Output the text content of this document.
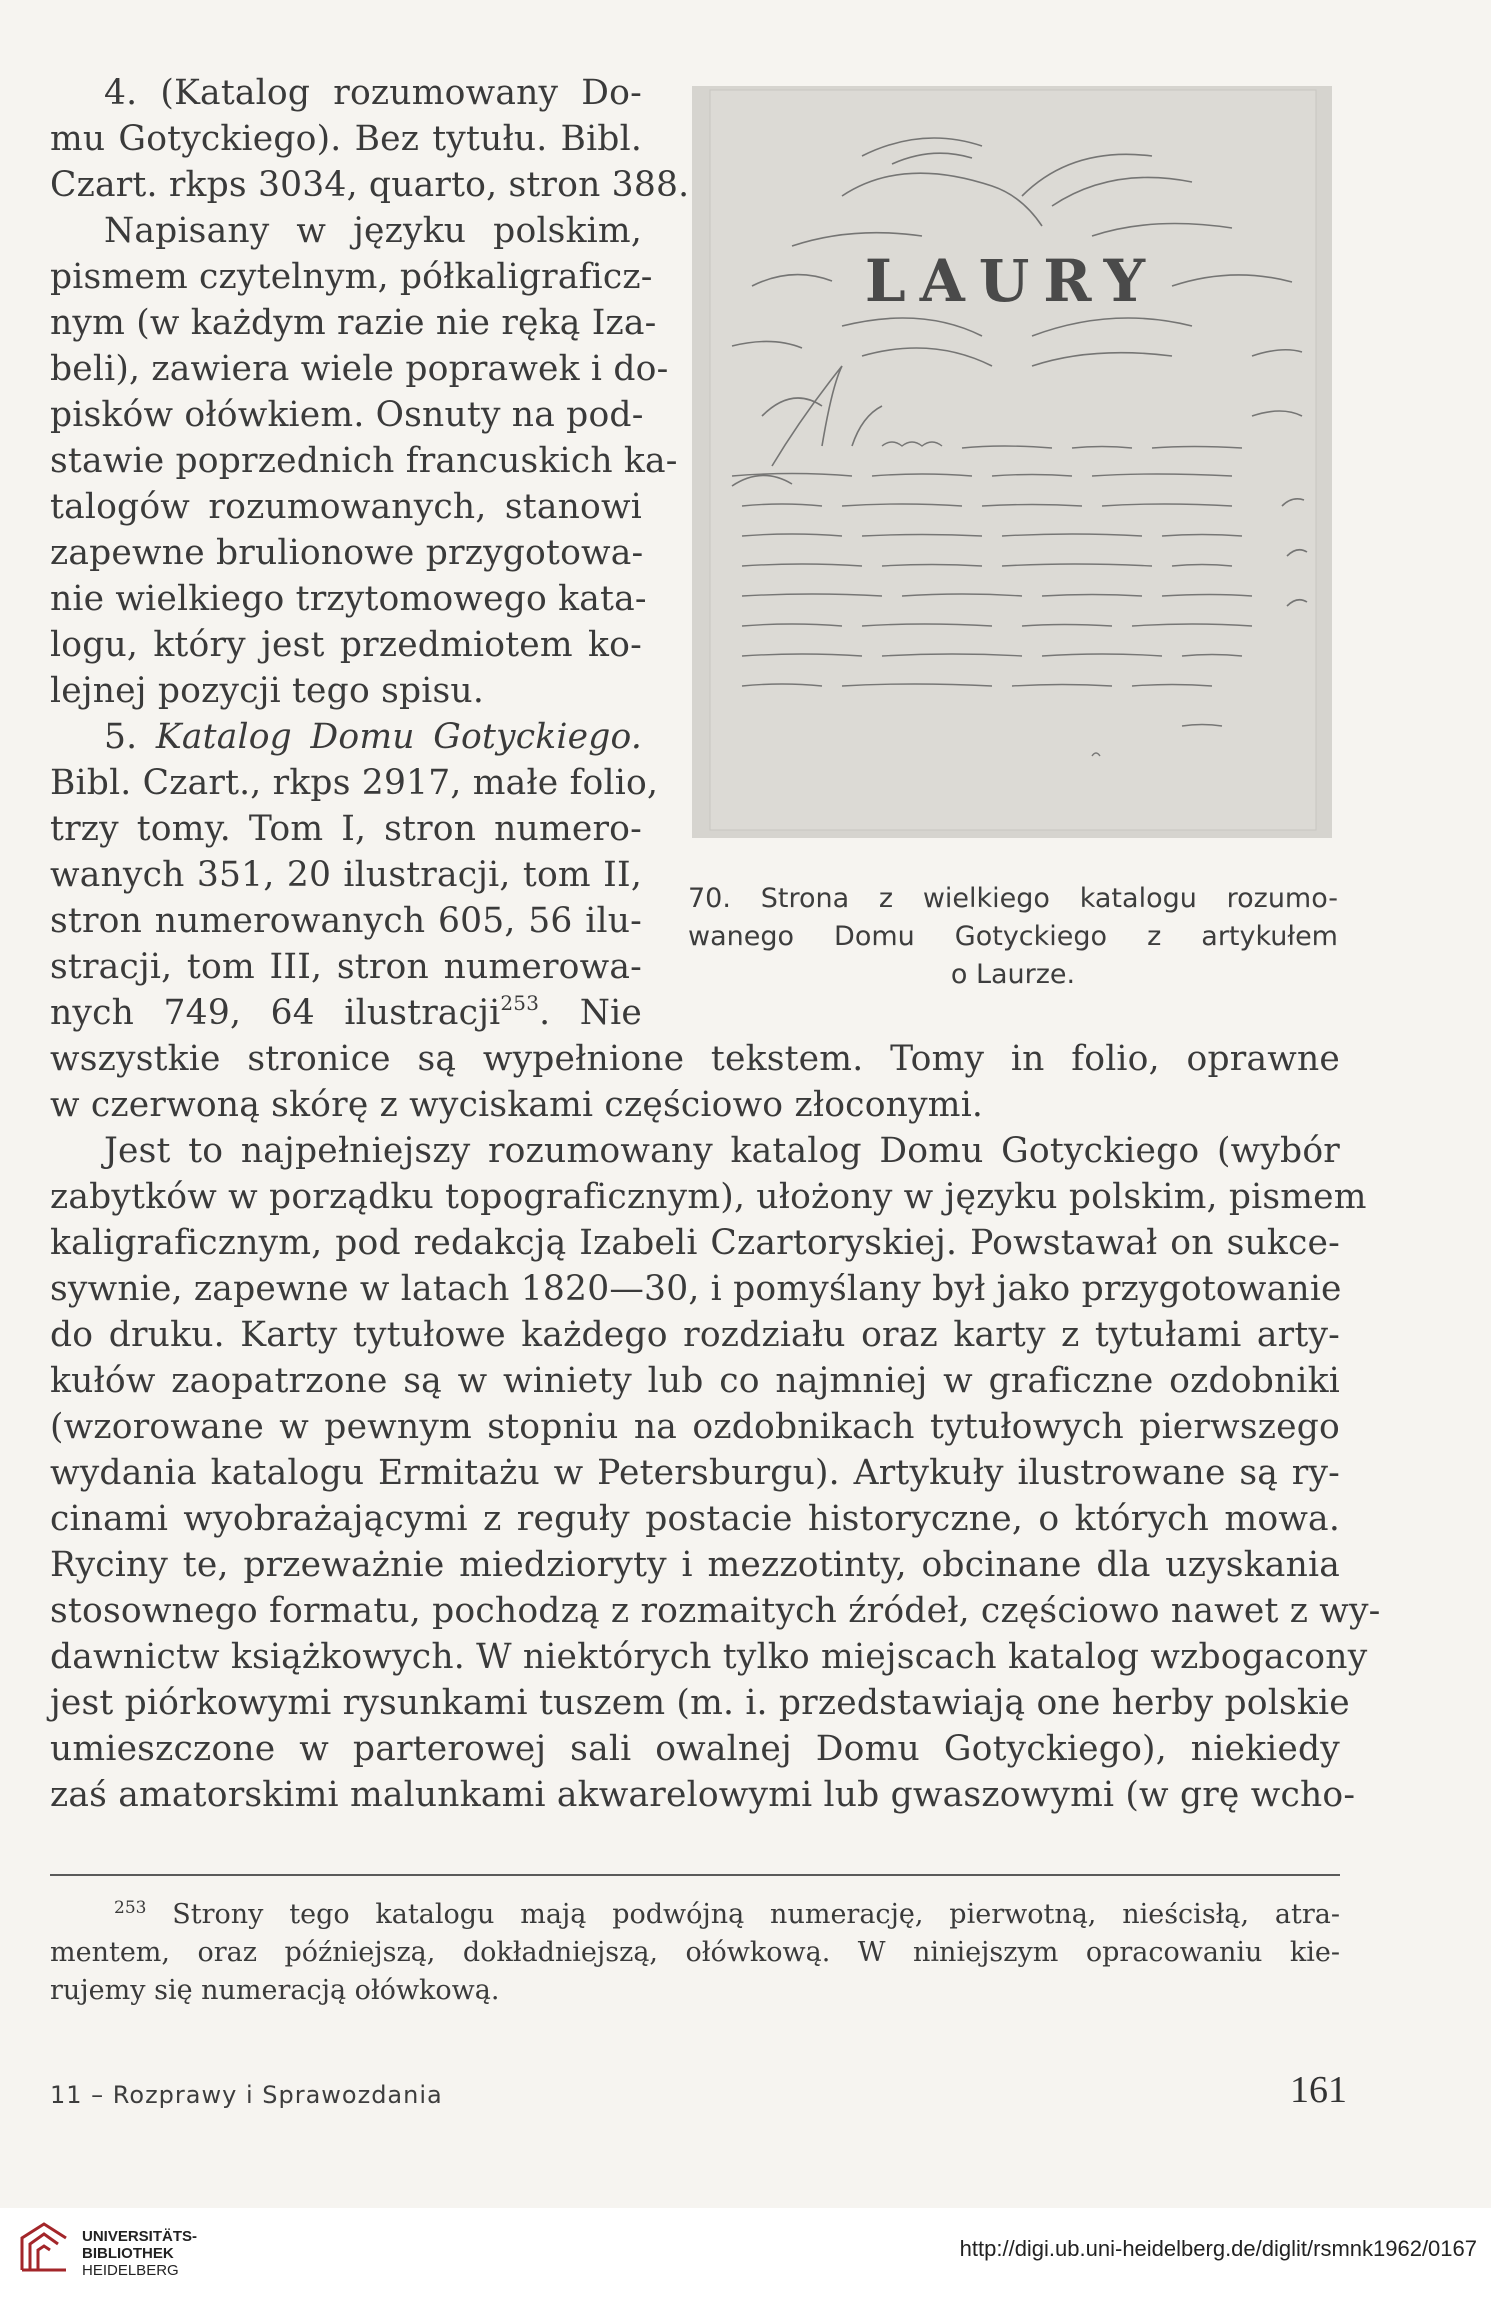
4. (Katalog rozumowany Do-
mu Gotyckiego). Bez tytułu. Bibl.
Czart. rkps 3034, quarto, stron 388.
Napisany w języku polskim,
pismem czytelnym, półkaligraficz-
nym (w każdym razie nie ręką Iza-
beli), zawiera wiele poprawek i do-
pisków ołówkiem. Osnuty na pod-
stawie poprzednich francuskich ka-
talogów rozumowanych, stanowi
zapewne brulionowe przygotowa-
nie wielkiego trzytomowego kata-
logu, który jest przedmiotem ko-
lejnej pozycji tego spisu.
LAURY
70. Strona z wielkiego katalogu rozumo-
wanego Domu Gotyckiego z artykułem
o Laurze.
5. Katalog Domu Gotyckiego.
Bibl. Czart., rkps 2917, małe folio,
trzy tomy. Tom I, stron numero-
wanych 351, 20 ilustracji, tom II,
stron numerowanych 605, 56 ilu-
stracji, tom III, stron numerowa-
nych 749, 64 ilustracji$^{253}$. Nie
wszystkie stronice są wypełnione tekstem. Tomy in folio, oprawne
w czerwoną skórę z wyciskami częściowo złoconymi.
Jest to najpełniejszy rozumowany katalog Domu Gotyckiego (wybór
zabytków w porządku topograficznym), ułożony w języku polskim, pismem
kaligraficznym, pod redakcją Izabeli Czartoryskiej. Powstawał on sukce-
sywnie, zapewne w latach 1820—30, i pomyślany był jako przygotowanie
do druku. Karty tytułowe każdego rozdziału oraz karty z tytułami arty-
kułów zaopatrzone są w winiety lub co najmniej w graficzne ozdobniki
(wzorowane w pewnym stopniu na ozdobnikach tytułowych pierwszego
wydania katalogu Ermitażu w Petersburgu). Artykuły ilustrowane są ry-
cinami wyobrażającymi z reguły postacie historyczne, o których mowa.
Ryciny te, przeważnie miedzioryty i mezzotinty, obcinane dla uzyskania
stosownego formatu, pochodzą z rozmaitych źródeł, częściowo nawet z wy-
dawnictw książkowych. W niektórych tylko miejscach katalog wzbogacony
jest piórkowymi rysunkami tuszem (m. i. przedstawiają one herby polskie
umieszczone w parterowej sali owalnej Domu Gotyckiego), niekiedy
zaś amatorskimi malunkami akwarelowymi lub gwaszowymi (w grę wcho-
$^{253}$ Strony tego katalogu mają podwójną numerację, pierwotną, nieścisłą, atra-
mentem, oraz późniejszą, dokładniejszą, ołówkową. W niniejszym opracowaniu kie-
rujemy się numeracją ołówkową.
11 – Rozprawy i Sprawozdania	161
UNIVERSITÄTS-
BIBLIOTHEK
HEIDELBERG
http://digi.ub.uni-heidelberg.de/diglit/rsmnk1962/0167
